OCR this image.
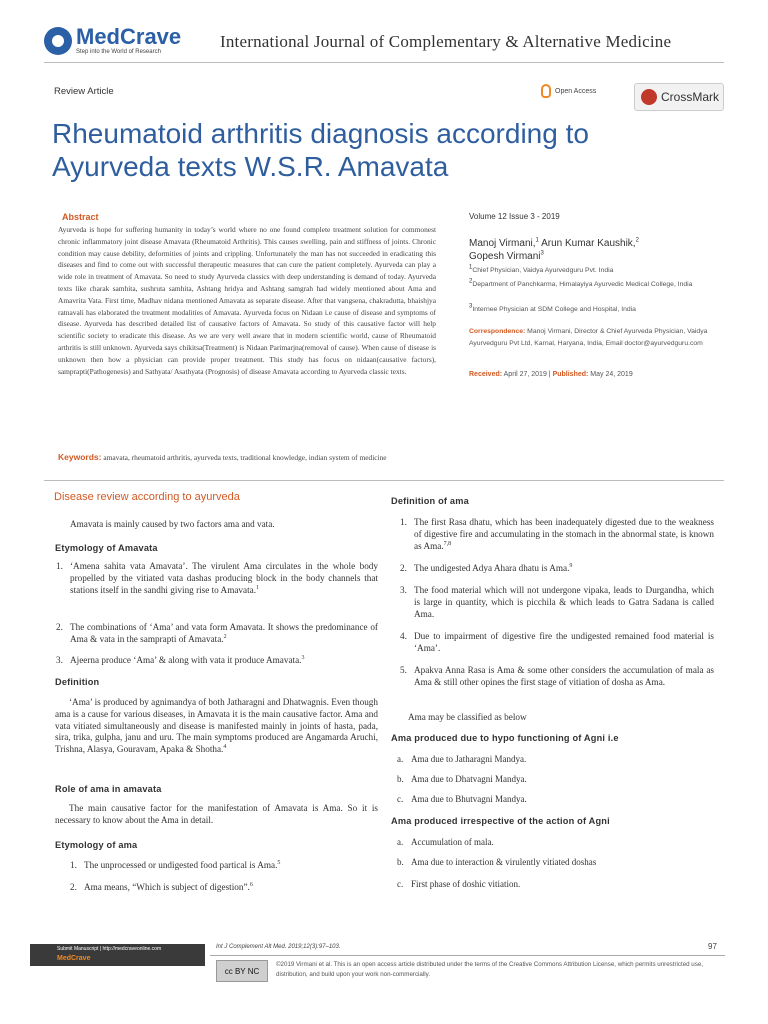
MedCrave
Step into the World of Research
International Journal of Complementary & Alternative Medicine
Review Article	Open Access	CrossMark
Rheumatoid arthritis diagnosis according to Ayurveda texts W.S.R. Amavata
Abstract
Ayurveda is hope for suffering humanity in today’s world where no one found complete treatment solution for commonest chronic inflammatory joint disease Amavata (Rheumatoid Arthritis). This causes swelling, pain and stiffness of joints. Chronic condition may cause debility, deformities of joints and crippling. Unfortunately the man has not succeeded in eradicating this diseases and find to come out with successful therapeutic measures that can cure the patient completely. Ayurveda can play a wide role in treatment of Amavata. So need to study Ayurveda classics with deep understanding is demand of today. Ayurveda texts like charak samhita, sushruta samhita, Ashtang hridya and Ashtang samgrah had widely mentioned about Ama and Amavrita Vata. First time, Madhav nidana mentioned Amavata as separate disease. After that vangsena, chakradutta, bhaishjya ratnavali has elaborated the treatment modalities of Amavata. Ayurveda focus on Nidaan i.e cause of disease and symptoms of disease. Ayurveda has described detailed list of causative factors of Amavata. So study of this causative factor will help scientific society to eradicate this disease. As we are very well aware that in modern scientific world, cause of Rheumatoid arthritis is still unknown. Ayurveda says chikitsa(Treatment) is Nidaan Parimarjna(removal of cause). When cause of disease is unknown then how a physician can provide proper treatment. This study has focus on nidaan(causative factors), samprapti(Pathogenesis) and Sathyata/ Asathyata (Prognosis) of disease Amavata according to Ayurveda classic texts.
Keywords: amavata, rheumatoid arthritis, ayurveda texts, traditional knowledge, indian system of medicine
Volume 12 Issue 3 - 2019
Manoj Virmani,$^1$ Arun Kumar Kaushik,$^2$
Gopesh Virmani$^3$
$^1$Chief Physician, Vaidya Ayurvedguru Pvt. India
$^2$Department of Panchkarma, Himalayiya Ayurvedic Medical College, India
$^3$Internee Physician at SDM College and Hospital, India
Correspondence: Manoj Virmani, Director & Chief Ayurveda Physician, Vaidya Ayurvedguru Pvt Ltd, Karnal, Haryana, India, Email doctor@ayurvedguru.com
Received: April 27, 2019 | Published: May 24, 2019
Disease review according to ayurveda
Amavata is mainly caused by two factors ama and vata.
Etymology of Amavata
1. ‘Amena sahita vata Amavata’. The virulent Ama circulates in the whole body propelled by the vitiated vata dashas producing block in the body channels that stations itself in the sandhi giving rise to Amavata.$^1$
2. The combinations of ‘Ama’ and vata form Amavata. It shows the predominance of Ama & vata in the samprapti of Amavata.$^2$
3. Ajeerna produce ‘Ama’ & along with vata it produce Amavata.$^3$
Definition
‘Ama’ is produced by agnimandya of both Jatharagni and Dhatwagnis. Even though ama is a cause for various diseases, in Amavata it is the main causative factor. Ama and vata vitiated simultaneously and disease is manifested mainly in joints of hasta, pada, sira, trika, gulpha, janu and uru. The main symptoms produced are Angamarda Aruchi, Trishna, Alasya, Gouravam, Apaka & Shotha.$^4$
Role of ama in amavata
The main causative factor for the manifestation of Amavata is Ama. So it is necessary to know about the Ama in detail.
Etymology of ama
1. The unprocessed or undigested food partical is Ama.$^5$
2. Ama means, “Which is subject of digestion”.$^6$
Definition of ama
1. The first Rasa dhatu, which has been inadequately digested due to the weakness of digestive fire and accumulating in the stomach in the abnormal state, is known as Ama.$^{7,8}$
2. The undigested Adya Ahara dhatu is Ama.$^9$
3. The food material which will not undergone vipaka, leads to Durgandha, which is large in quantity, which is picchila & which leads to Gatra Sadana is called Ama.
4. Due to impairment of digestive fire the undigested remained food material is ‘Ama’.
5. Apakva Anna Rasa is Ama & some other considers the accumulation of mala as Ama & still other opines the first stage of vitiation of dosha as Ama.
Ama may be classified as below
Ama produced due to hypo functioning of Agni i.e
a. Ama due to Jatharagni Mandya.
b. Ama due to Dhatvagni Mandya.
c. Ama due to Bhutvagni Mandya.
Ama produced irrespective of the action of Agni
a. Accumulation of mala.
b. Ama due to interaction & virulently vitiated doshas
c. First phase of doshic vitiation.
Submit Manuscript | http://medcraveonline.com
MedCrave
Int J Complement Alt Med. 2019;12(3):97‒103.	97
cc BY NC
©2019 Virmani et al. This is an open access article distributed under the terms of the Creative Commons Attribution License, which permits unrestricted use, distribution, and build upon your work non-commercially.
